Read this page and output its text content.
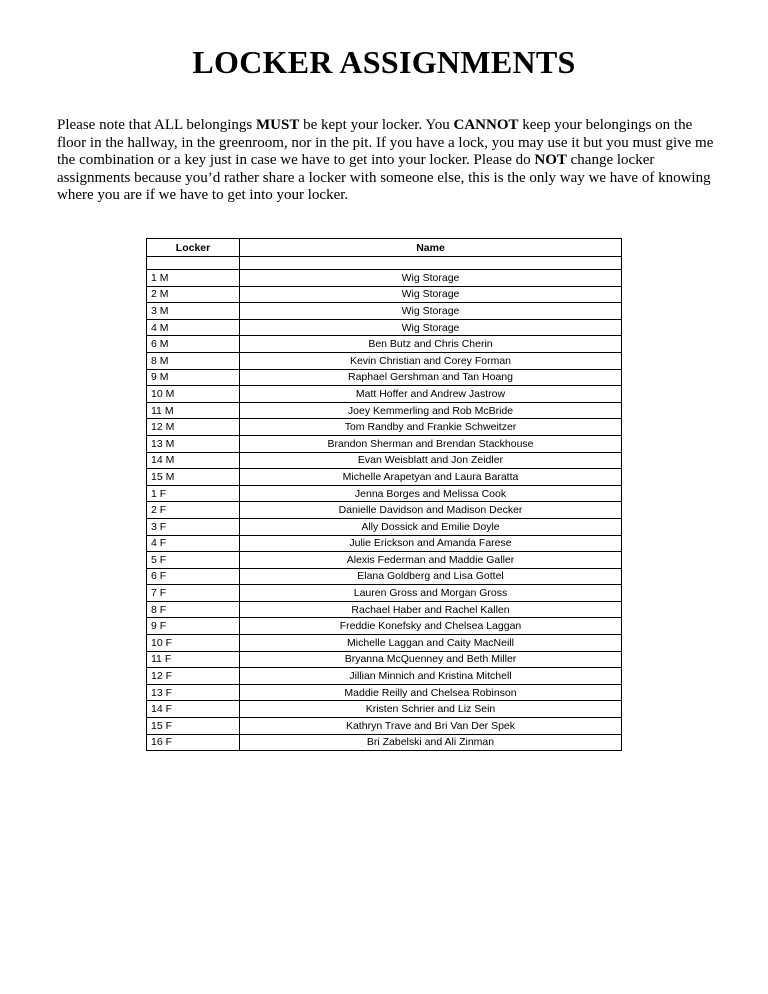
LOCKER ASSIGNMENTS

Please note that ALL belongings MUST be kept your locker. You CANNOT keep your belongings on the floor in the hallway, in the greenroom, nor in the pit. If you have a lock, you may use it but you must give me the combination or a key just in case we have to get into your locker. Please do NOT change locker assignments because you’d rather share a locker with someone else, this is the only way we have of knowing where you are if we have to get into your locker.

Locker	Name

1 M	Wig Storage
2 M	Wig Storage
3 M	Wig Storage
4 M	Wig Storage
6 M	Ben Butz and Chris Cherin
8 M	Kevin Christian and Corey Forman
9 M	Raphael Gershman and Tan Hoang
10 M	Matt Hoffer and Andrew Jastrow
11 M	Joey Kemmerling and Rob McBride
12 M	Tom Randby and Frankie Schweitzer
13 M	Brandon Sherman and Brendan Stackhouse
14 M	Evan Weisblatt and Jon Zeidler
15 M	Michelle Arapetyan and Laura Baratta
1 F	Jenna Borges and Melissa Cook
2 F	Danielle Davidson and Madison Decker
3 F	Ally Dossick and Emilie Doyle
4 F	Julie Erickson and Amanda Farese
5 F	Alexis Federman and Maddie Galler
6 F	Elana Goldberg and Lisa Gottel
7 F	Lauren Gross and Morgan Gross
8 F	Rachael Haber and Rachel Kallen
9 F	Freddie Konefsky and Chelsea Laggan
10 F	Michelle Laggan and Caity MacNeill
11 F	Bryanna McQuenney and Beth Miller
12 F	Jillian Minnich and Kristina Mitchell
13 F	Maddie Reilly and Chelsea Robinson
14 F	Kristen Schrier and Liz Sein
15 F	Kathryn Trave and Bri Van Der Spek
16 F	Bri Zabelski and Ali Zinman
